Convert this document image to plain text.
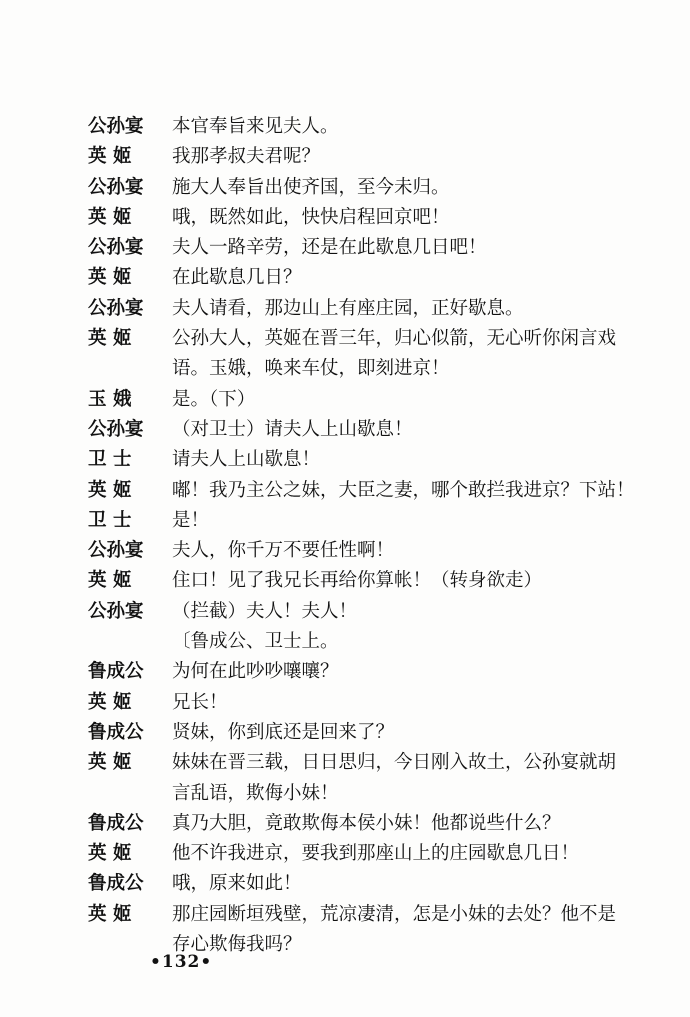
公孙宴	本官奉旨来见夫人。
英 姬	我那孝叔夫君呢？
公孙宴	施大人奉旨出使齐国，至今未归。
英 姬	哦，既然如此，快快启程回京吧！
公孙宴	夫人一路辛劳，还是在此歇息几日吧！
英 姬	在此歇息几日？
公孙宴	夫人请看，那边山上有座庄园，正好歇息。
英 姬	公孙大人，英姬在晋三年，归心似箭，无心听你闲言戏
语。玉娥，唤来车仗，即刻进京！
玉 娥	是。（下）
公孙宴	（对卫士）请夫人上山歇息！
卫 士	请夫人上山歇息！
英 姬	嘟！我乃主公之妹，大臣之妻，哪个敢拦我进京？下站！
卫 士	是！
公孙宴	夫人，你千万不要任性啊！
英 姬	住口！见了我兄长再给你算帐！（转身欲走）
公孙宴	（拦截）夫人！夫人！
〔鲁成公、卫士上。
鲁成公	为何在此吵吵嚷嚷？
英 姬	兄长！
鲁成公	贤妹，你到底还是回来了？
英 姬	妹妹在晋三载，日日思归，今日刚入故土，公孙宴就胡
言乱语，欺侮小妹！
鲁成公	真乃大胆，竟敢欺侮本侯小妹！他都说些什么？
英 姬	他不许我进京，要我到那座山上的庄园歇息几日！
鲁成公	哦，原来如此！
英 姬	那庄园断垣残壁，荒凉凄清，怎是小妹的去处？他不是
存心欺侮我吗？
•132•
